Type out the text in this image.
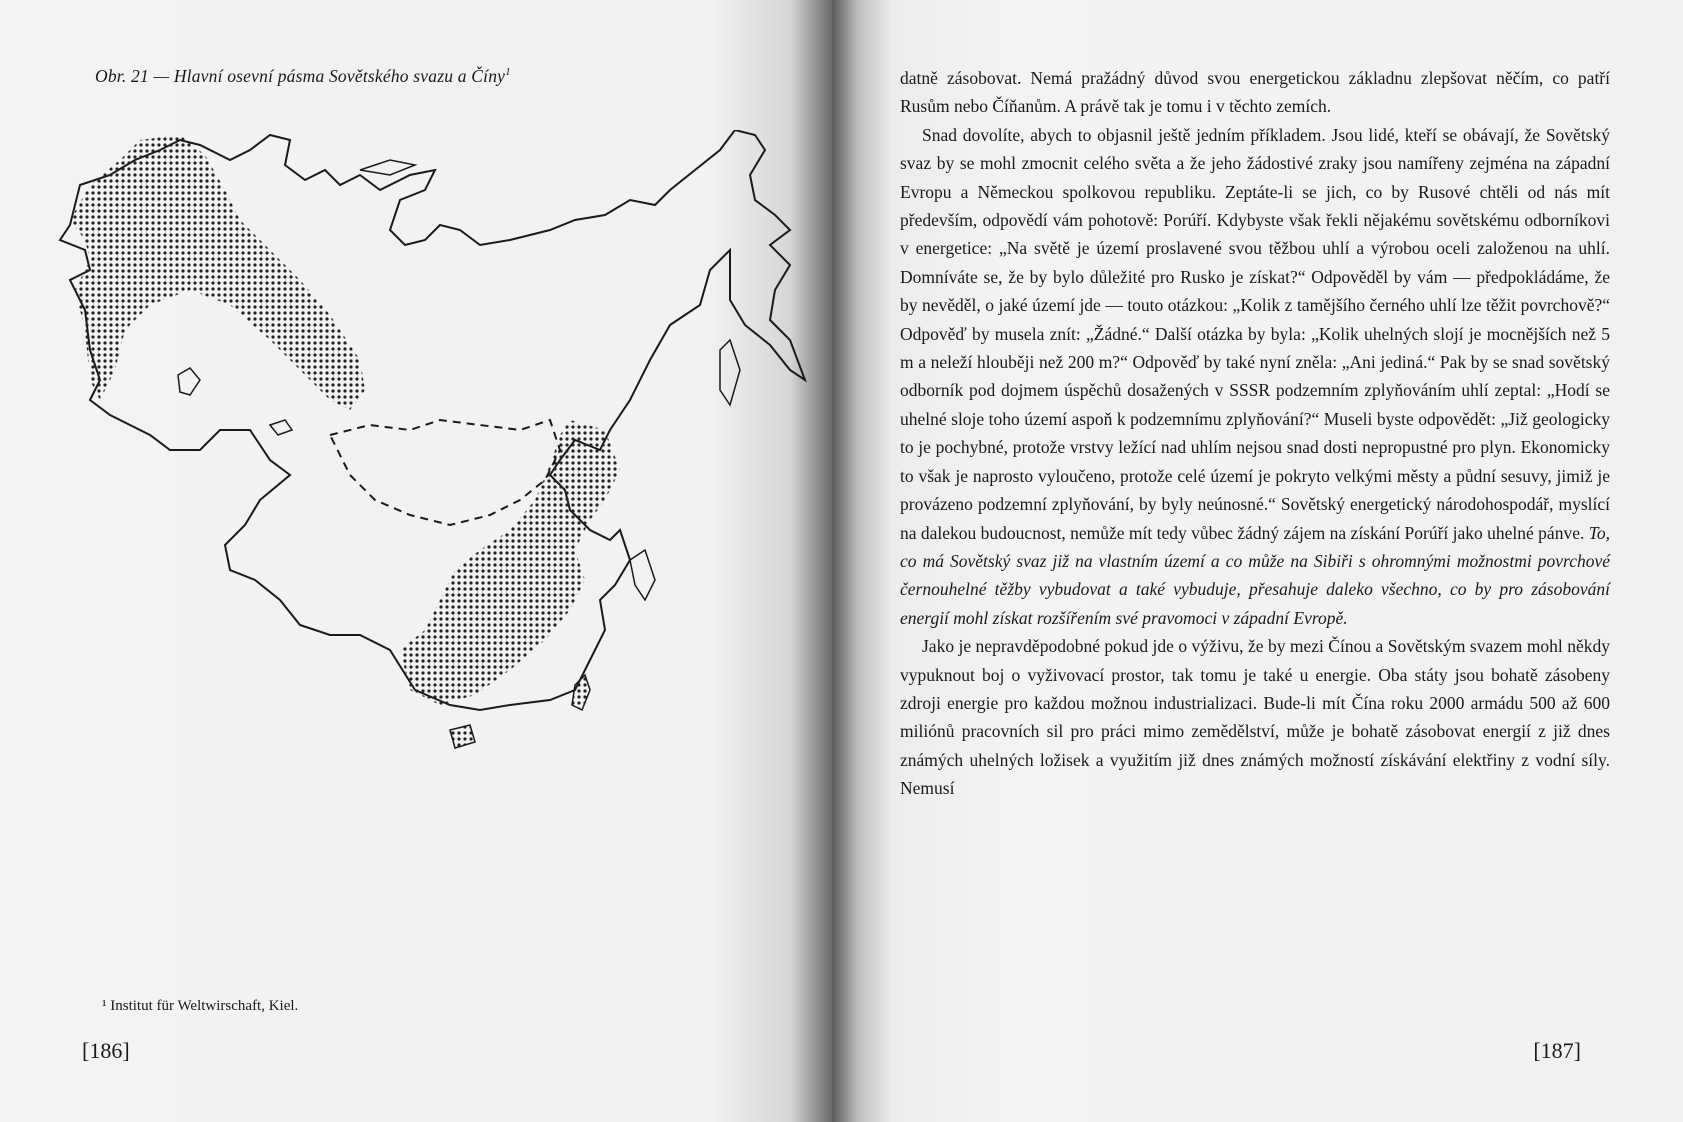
Obr. 21 — Hlavní osevní pásma Sovětského svazu a Číny$^1$
¹ Institut für Weltwirschaft, Kiel.
[186]

datně zásobovat. Nemá pražádný důvod svou energetickou základnu zlepšovat něčím, co patří Rusům nebo Číňanům. A právě tak je tomu i v těchto zemích.

Snad dovolíte, abych to objasnil ještě jedním příkladem. Jsou lidé, kteří se obávají, že Sovětský svaz by se mohl zmocnit celého světa a že jeho žádostivé zraky jsou namířeny zejména na západní Evropu a Německou spolkovou republiku. Zeptáte-li se jich, co by Rusové chtěli od nás mít především, odpovědí vám pohotově: Porúří. Kdybyste však řekli nějakému sovětskému odborníkovi v energetice: „Na světě je území proslavené svou těžbou uhlí a výrobou oceli založenou na uhlí. Domníváte se, že by bylo důležité pro Rusko je získat?“ Odpověděl by vám — předpokládáme, že by nevěděl, o jaké území jde — touto otázkou: „Kolik z tamějšího černého uhlí lze těžit povrchově?“ Odpověď by musela znít: „Žádné.“ Další otázka by byla: „Kolik uhelných slojí je mocnějších než 5 m a neleží hlouběji než 200 m?“ Odpověď by také nyní zněla: „Ani jediná.“ Pak by se snad sovětský odborník pod dojmem úspěchů dosažených v SSSR podzemním zplyňováním uhlí zeptal: „Hodí se uhelné sloje toho území aspoň k podzemnímu zplyňování?“ Museli byste odpovědět: „Již geologicky to je pochybné, protože vrstvy ležící nad uhlím nejsou snad dosti nepropustné pro plyn. Ekonomicky to však je naprosto vyloučeno, protože celé území je pokryto velkými městy a půdní sesuvy, jimiž je provázeno podzemní zplyňování, by byly neúnosné.“ Sovětský energetický národohospodář, myslící na dalekou budoucnost, nemůže mít tedy vůbec žádný zájem na získání Porúří jako uhelné pánve. To, co má Sovětský svaz již na vlastním území a co může na Sibiři s ohromnými možnostmi povrchové černouhelné těžby vybudovat a také vybuduje, přesahuje daleko všechno, co by pro zásobování energií mohl získat rozšířením své pravomoci v západní Evropě.

Jako je nepravděpodobné pokud jde o výživu, že by mezi Čínou a Sovětským svazem mohl někdy vypuknout boj o vyživovací prostor, tak tomu je také u energie. Oba státy jsou bohatě zásobeny zdroji energie pro každou možnou industrializaci. Bude-li mít Čína roku 2000 armádu 500 až 600 miliónů pracovních sil pro práci mimo zemědělství, může je bohatě zásobovat energií z již dnes známých uhelných ložisek a využitím již dnes známých možností získávání elektřiny z vodní síly. Nemusí

[187]
